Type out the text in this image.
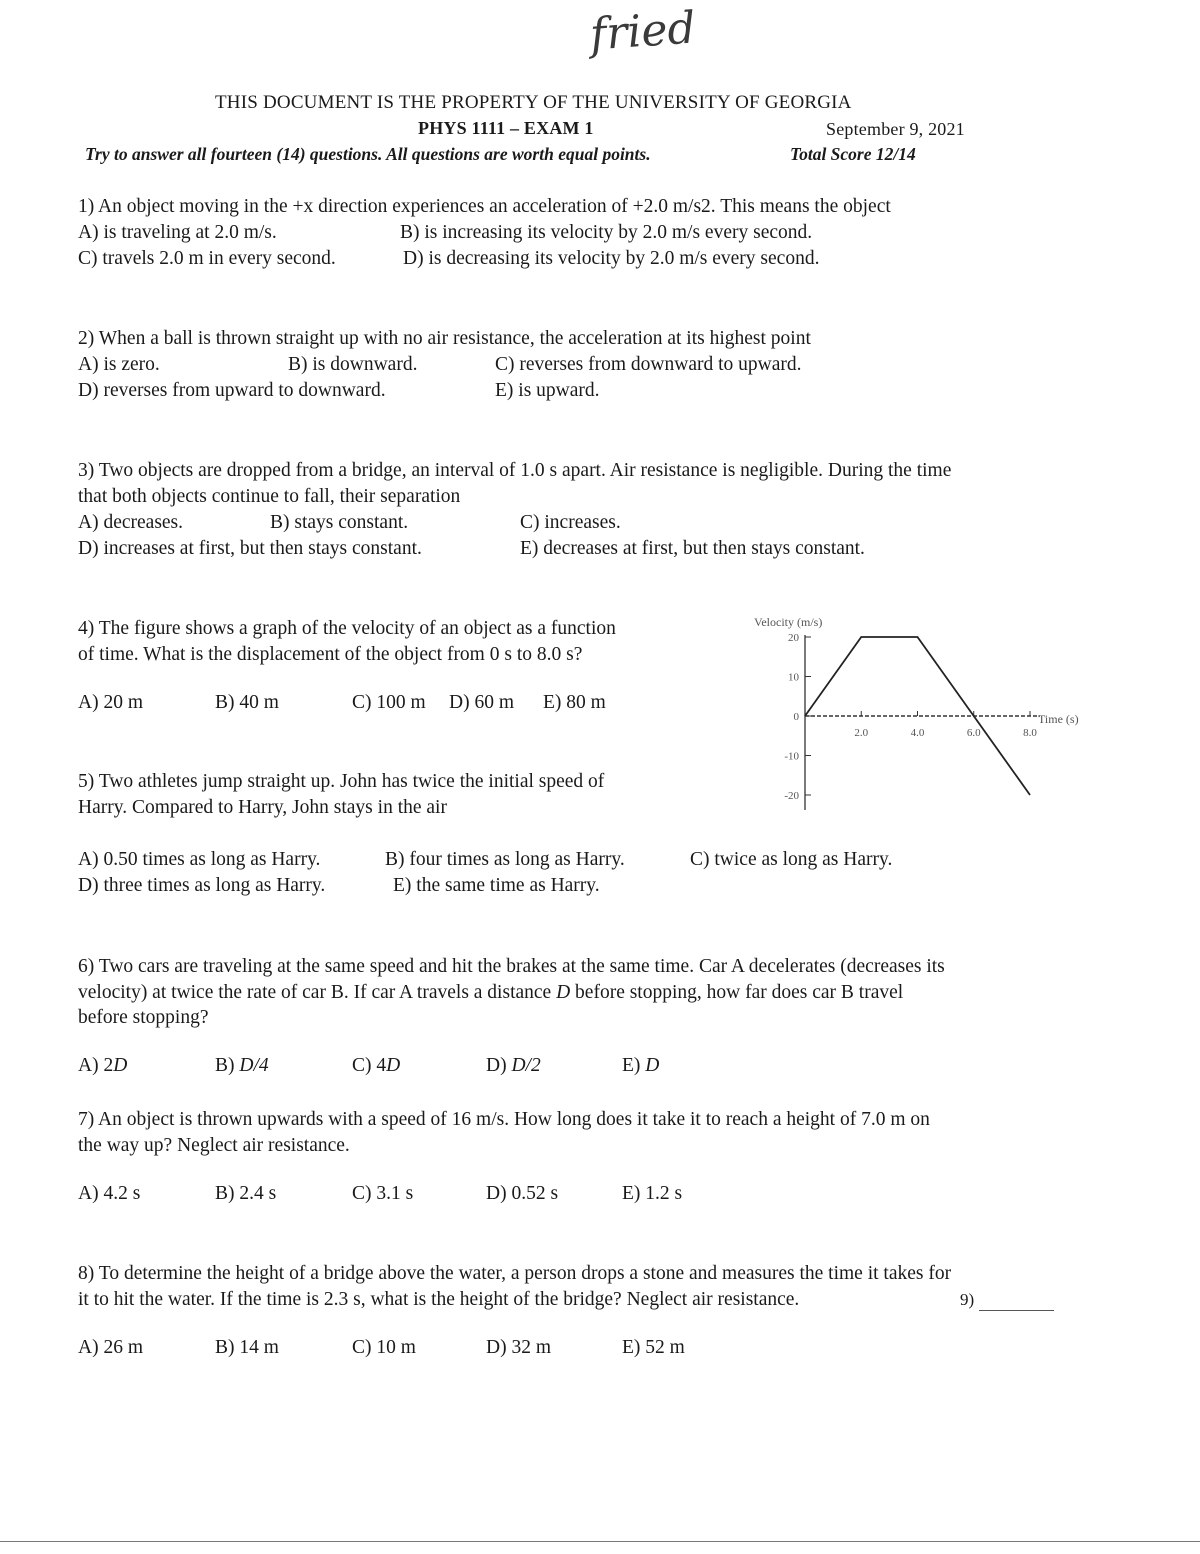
fried
THIS DOCUMENT IS THE PROPERTY OF THE UNIVERSITY OF GEORGIA
PHYS 1111 – EXAM 1	September 9, 2021
Try to answer all fourteen (14) questions. All questions are worth equal points.	Total Score 12/14
1) An object moving in the +x direction experiences an acceleration of +2.0 m/s2. This means the object
A) is traveling at 2.0 m/s.	B) is increasing its velocity by 2.0 m/s every second.
C) travels 2.0 m in every second.	D) is decreasing its velocity by 2.0 m/s every second.
2) When a ball is thrown straight up with no air resistance, the acceleration at its highest point
A) is zero.	B) is downward.	C) reverses from downward to upward.
D) reverses from upward to downward.	E) is upward.
3) Two objects are dropped from a bridge, an interval of 1.0 s apart. Air resistance is negligible. During the time
that both objects continue to fall, their separation
A) decreases.	B) stays constant.	C) increases.
D) increases at first, but then stays constant.	E) decreases at first, but then stays constant.
4) The figure shows a graph of the velocity of an object as a function
of time. What is the displacement of the object from 0 s to 8.0 s?
A) 20 m	B) 40 m	C) 100 m D) 60 m E) 80 m
Velocity (m/s)
20
10
0
-10
-20
Time (s)
2.0	4.0	6.0	8.0
5) Two athletes jump straight up. John has twice the initial speed of
Harry. Compared to Harry, John stays in the air
A) 0.50 times as long as Harry.	B) four times as long as Harry.	C) twice as long as Harry.
D) three times as long as Harry.	E) the same time as Harry.
6) Two cars are traveling at the same speed and hit the brakes at the same time. Car A decelerates (decreases its
velocity) at twice the rate of car B. If car A travels a distance D before stopping, how far does car B travel
before stopping?
A) 2D	B) D/4	C) 4D	D) D/2	E) D
7) An object is thrown upwards with a speed of 16 m/s. How long does it take it to reach a height of 7.0 m on
the way up? Neglect air resistance.
A) 4.2 s	B) 2.4 s	C) 3.1 s	D) 0.52 s	E) 1.2 s
8) To determine the height of a bridge above the water, a person drops a stone and measures the time it takes for
it to hit the water. If the time is 2.3 s, what is the height of the bridge? Neglect air resistance.	9)
A) 26 m	B) 14 m	C) 10 m	D) 32 m	E) 52 m
